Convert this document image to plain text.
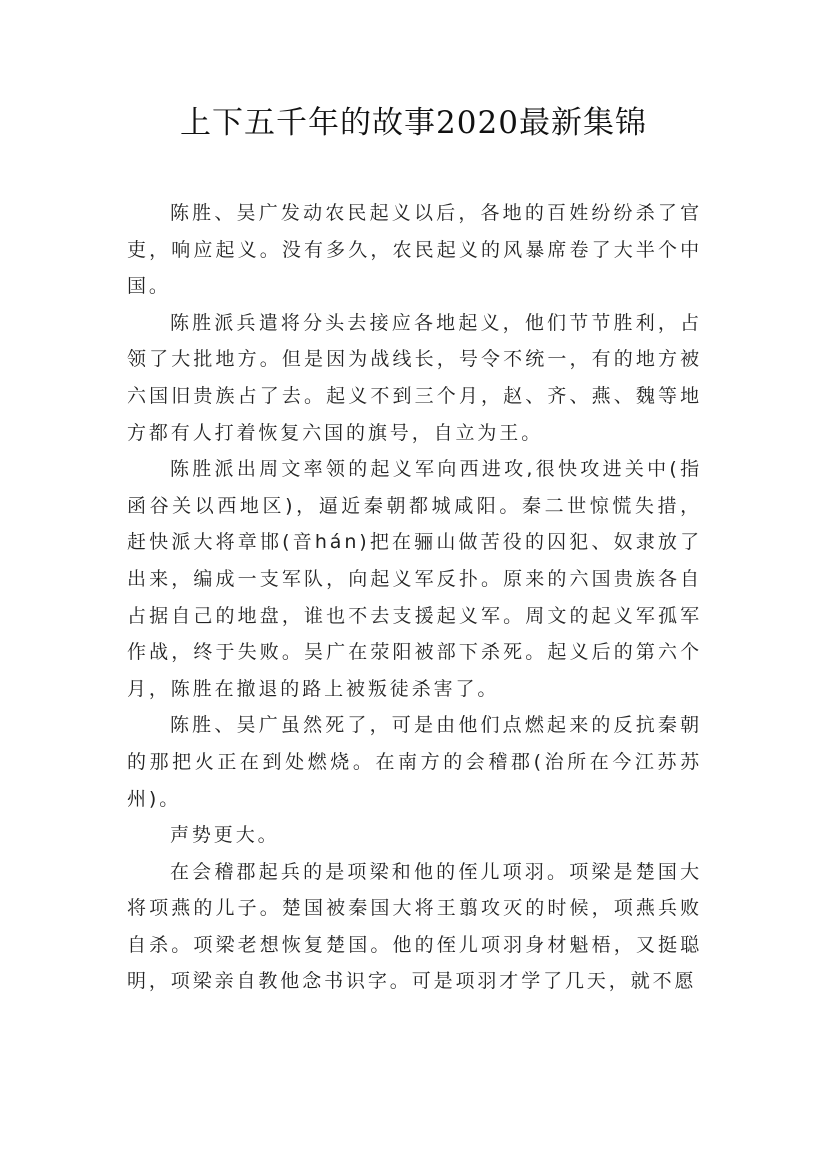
上下五千年的故事2020最新集锦

陈胜、吴广发动农民起义以后，各地的百姓纷纷杀了官吏，响应起义。没有多久，农民起义的风暴席卷了大半个中国。

陈胜派兵遣将分头去接应各地起义，他们节节胜利，占领了大批地方。但是因为战线长，号令不统一，有的地方被六国旧贵族占了去。起义不到三个月，赵、齐、燕、魏等地方都有人打着恢复六国的旗号，自立为王。

陈胜派出周文率领的起义军向西进攻,很快攻进关中(指函谷关以西地区)，逼近秦朝都城咸阳。秦二世惊慌失措，赶快派大将章邯(音hán)把在骊山做苦役的囚犯、奴隶放了出来，编成一支军队，向起义军反扑。原来的六国贵族各自占据自己的地盘，谁也不去支援起义军。周文的起义军孤军作战，终于失败。吴广在荥阳被部下杀死。起义后的第六个月，陈胜在撤退的路上被叛徒杀害了。

陈胜、吴广虽然死了，可是由他们点燃起来的反抗秦朝的那把火正在到处燃烧。在南方的会稽郡(治所在今江苏苏州)。

声势更大。

在会稽郡起兵的是项梁和他的侄儿项羽。项梁是楚国大将项燕的儿子。楚国被秦国大将王翦攻灭的时候，项燕兵败自杀。项梁老想恢复楚国。他的侄儿项羽身材魁梧，又挺聪明，项梁亲自教他念书识字。可是项羽才学了几天，就不愿
